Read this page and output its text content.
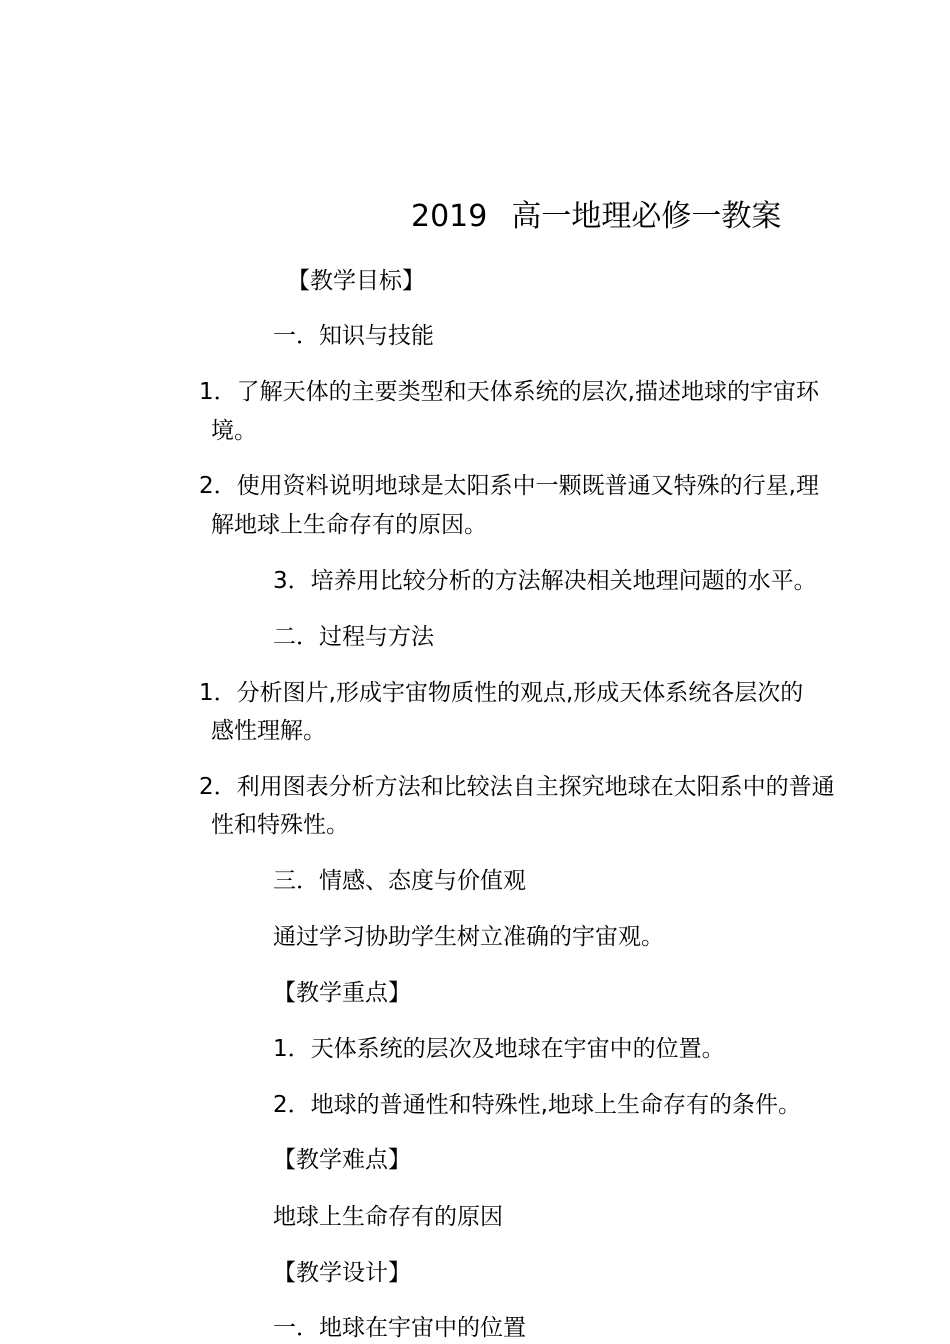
2019 高一地理必修一教案
【教学目标】
一．知识与技能
1．了解天体的主要类型和天体系统的层次,描述地球的宇宙环
境。
2．使用资料说明地球是太阳系中一颗既普通又特殊的行星,理
解地球上生命存有的原因。
3．培养用比较分析的方法解决相关地理问题的水平。
二．过程与方法
1．分析图片,形成宇宙物质性的观点,形成天体系统各层次的
感性理解。
2．利用图表分析方法和比较法自主探究地球在太阳系中的普通
性和特殊性。
三．情感、态度与价值观
通过学习协助学生树立准确的宇宙观。
【教学重点】
1．天体系统的层次及地球在宇宙中的位置。
2．地球的普通性和特殊性,地球上生命存有的条件。
【教学难点】
地球上生命存有的原因
【教学设计】
一．地球在宇宙中的位置
